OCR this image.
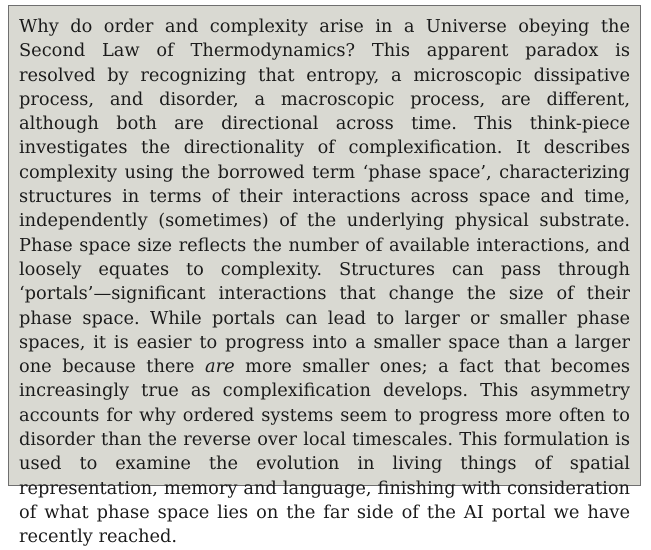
Why do order and complexity arise in a Universe obeying the Second Law of Thermodynamics? This apparent paradox is resolved by recognizing that entropy, a microscopic dissipative process, and disorder, a macroscopic process, are different, although both are directional across time. This think-piece investigates the directionality of complexification. It describes complexity using the borrowed term ‘phase space’, characterizing structures in terms of their interactions across space and time, independently (sometimes) of the underlying physical substrate. Phase space size reflects the number of available interactions, and loosely equates to complexity. Structures can pass through ‘portals’—significant interactions that change the size of their phase space. While portals can lead to larger or smaller phase spaces, it is easier to progress into a smaller space than a larger one because there are more smaller ones; a fact that becomes increasingly true as complexification develops. This asymmetry accounts for why ordered systems seem to progress more often to disorder than the reverse over local timescales. This formulation is used to examine the evolution in living things of spatial representation, memory and language, finishing with consideration of what phase space lies on the far side of the AI portal we have recently reached.
